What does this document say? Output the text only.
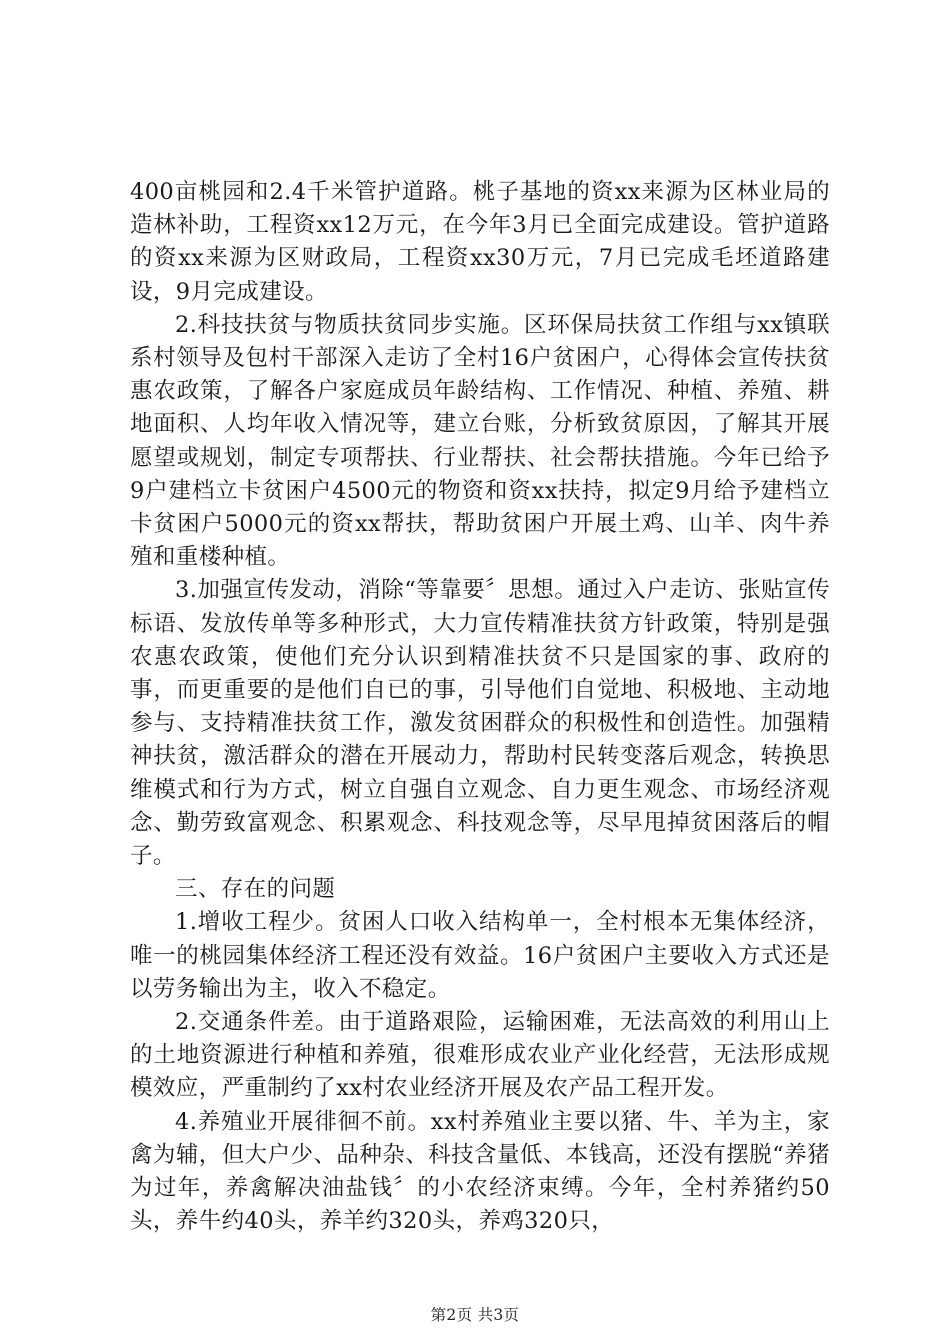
400亩桃园和2.4千米管护道路。桃子基地的资xx来源为区林业局的造林补助，工程资xx12万元，在今年3月已全面完成建设。管护道路的资xx来源为区财政局，工程资xx30万元，7月已完成毛坯道路建设，9月完成建设。

2.科技扶贫与物质扶贫同步实施。区环保局扶贫工作组与xx镇联系村领导及包村干部深入走访了全村16户贫困户，心得体会宣传扶贫惠农政策，了解各户家庭成员年龄结构、工作情况、种植、养殖、耕地面积、人均年收入情况等，建立台账，分析致贫原因，了解其开展愿望或规划，制定专项帮扶、行业帮扶、社会帮扶措施。今年已给予9户建档立卡贫困户4500元的物资和资xx扶持，拟定9月给予建档立卡贫困户5000元的资xx帮扶，帮助贫困户开展土鸡、山羊、肉牛养殖和重楼种植。

3.加强宣传发动，消除“等靠要〞思想。通过入户走访、张贴宣传标语、发放传单等多种形式，大力宣传精准扶贫方针政策，特别是强农惠农政策，使他们充分认识到精准扶贫不只是国家的事、政府的事，而更重要的是他们自已的事，引导他们自觉地、积极地、主动地参与、支持精准扶贫工作，激发贫困群众的积极性和创造性。加强精神扶贫，激活群众的潜在开展动力，帮助村民转变落后观念，转换思维模式和行为方式，树立自强自立观念、自力更生观念、市场经济观念、勤劳致富观念、积累观念、科技观念等，尽早甩掉贫困落后的帽子。

三、存在的问题

1.增收工程少。贫困人口收入结构单一，全村根本无集体经济，唯一的桃园集体经济工程还没有效益。16户贫困户主要收入方式还是以劳务输出为主，收入不稳定。

2.交通条件差。由于道路艰险，运输困难，无法高效的利用山上的土地资源进行种植和养殖，很难形成农业产业化经营，无法形成规模效应，严重制约了xx村农业经济开展及农产品工程开发。

4.养殖业开展徘徊不前。xx村养殖业主要以猪、牛、羊为主，家禽为辅，但大户少、品种杂、科技含量低、本钱高，还没有摆脱“养猪为过年，养禽解决油盐钱〞的小农经济束缚。今年，全村养猪约50头，养牛约40头，养羊约320头，养鸡320只，

第2页 共3页
